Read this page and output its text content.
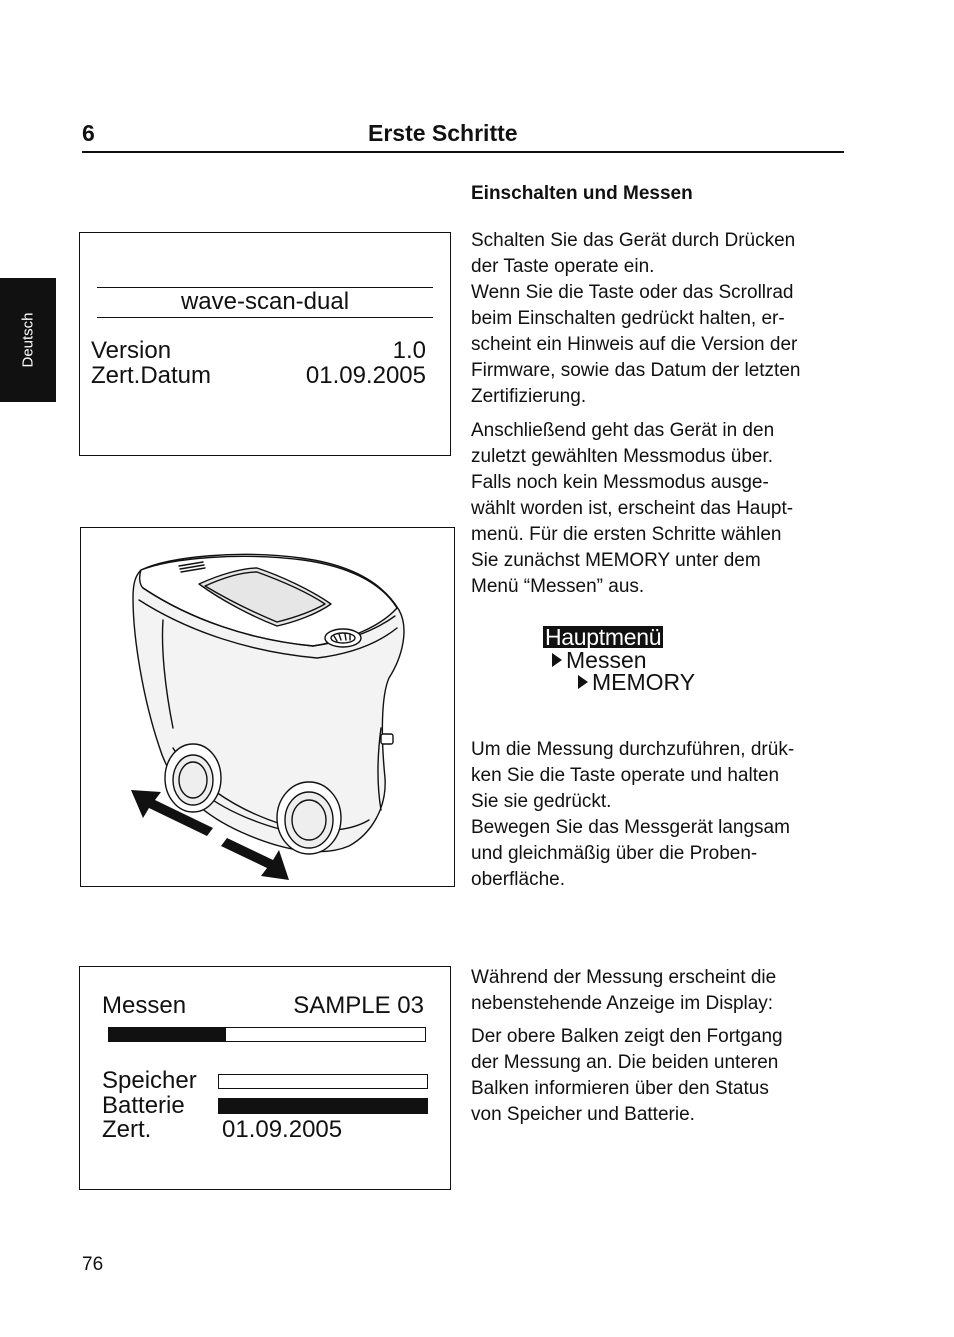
6	Erste Schritte
Deutsch
Einschalten und Messen

Schalten Sie das Gerät durch Drücken

der Taste operate ein.

Wenn Sie die Taste oder das Scrollrad

beim Einschalten gedrückt halten, er-

scheint ein Hinweis auf die Version der

Firmware, sowie das Datum der letzten

Zertifizierung.

Anschließend geht das Gerät in den

zuletzt gewählten Messmodus über.

Falls noch kein Messmodus ausge-

wählt worden ist, erscheint das Haupt-

menü. Für die ersten Schritte wählen

Sie zunächst MEMORY unter dem

Menü “Messen” aus.

Hauptmenü
Messen
MEMORY

Um die Messung durchzuführen, drük-

ken Sie die Taste operate und halten

Sie sie gedrückt.

Bewegen Sie das Messgerät langsam

und gleichmäßig über die Proben-

oberfläche.

Während der Messung erscheint die

nebenstehende Anzeige im Display:

Der obere Balken zeigt den Fortgang

der Messung an. Die beiden unteren

Balken informieren über den Status

von Speicher und Batterie.

wave-scan-dual
Version	1.0
Zert.Datum	01.09.2005
Messen	SAMPLE 03
Speicher
Batterie
Zert.	01.09.2005
76
